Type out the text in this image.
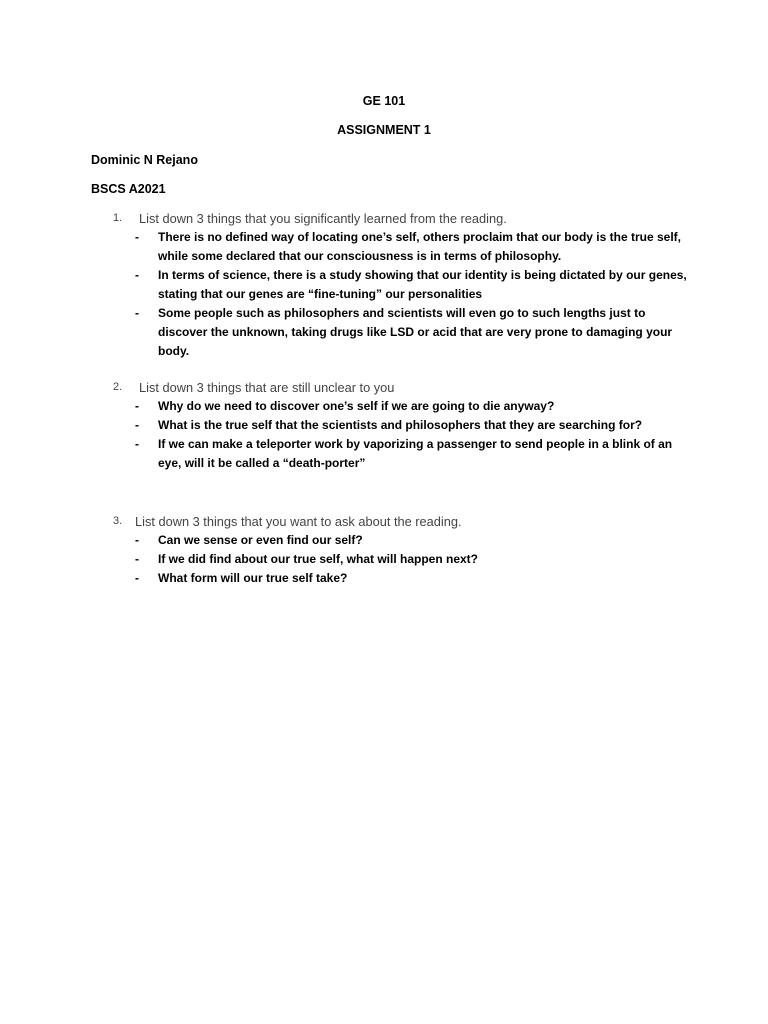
GE 101
ASSIGNMENT 1
Dominic N Rejano
BSCS A2021
1. List down 3 things that you significantly learned from the reading.
- There is no defined way of locating one’s self, others proclaim that our body is the true self, while some declared that our consciousness is in terms of philosophy.
- In terms of science, there is a study showing that our identity is being dictated by our genes, stating that our genes are “fine-tuning” our personalities
- Some people such as philosophers and scientists will even go to such lengths just to discover the unknown, taking drugs like LSD or acid that are very prone to damaging your body.
2. List down 3 things that are still unclear to you
- Why do we need to discover one’s self if we are going to die anyway?
- What is the true self that the scientists and philosophers that they are searching for?
- If we can make a teleporter work by vaporizing a passenger to send people in a blink of an eye, will it be called a “death-porter”
3. List down 3 things that you want to ask about the reading.
- Can we sense or even find our self?
- If we did find about our true self, what will happen next?
- What form will our true self take?
